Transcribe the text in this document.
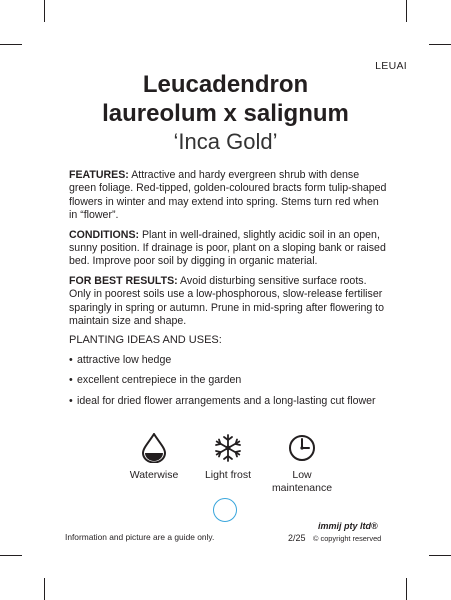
LEUAI
Leucadendron
laureolum x salignum
‘Inca Gold’

FEATURES: Attractive and hardy evergreen shrub with dense green foliage. Red-tipped, golden-coloured bracts form tulip-shaped flowers in winter and may extend into spring. Stems turn red when in “flower”.

CONDITIONS: Plant in well-drained, slightly acidic soil in an open, sunny position. If drainage is poor, plant on a sloping bank or raised bed. Improve poor soil by digging in organic material.

FOR BEST RESULTS: Avoid disturbing sensitive surface roots. Only in poorest soils use a low-phosphorous, slow-release fertiliser sparingly in spring or autumn. Prune in mid-spring after flowering to maintain size and shape.

PLANTING IDEAS AND USES:
• attractive low hedge
• excellent centrepiece in the garden
• ideal for dried flower arrangements and a long-lasting cut flower
Waterwise	Light frost	Low maintenance
Information and picture are a guide only.
immij pty ltd®
2/25 © copyright reserved
